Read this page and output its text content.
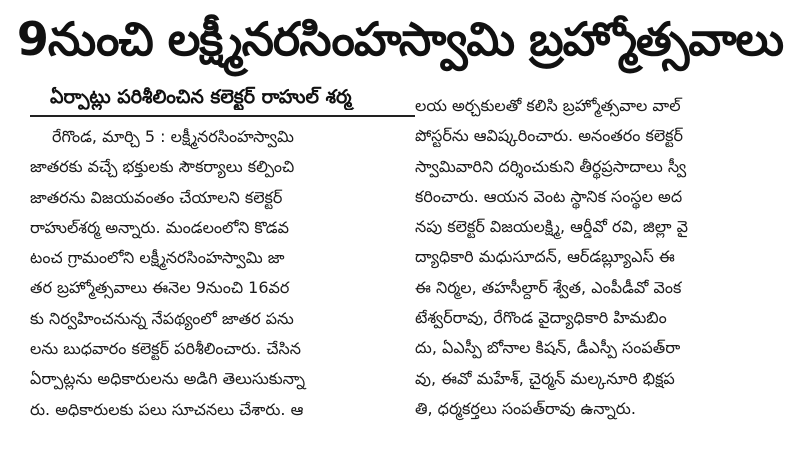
9నుంచి లక్ష్మీనరసింహస్వామి బ్రహ్మోత్సవాలు
ఏర్పాట్లు పరిశీలించిన కలెక్టర్ రాహుల్ శర్మ
రేగొండ, మార్చి 5 : లక్ష్మీనరసింహస్వామి
జాతరకు వచ్చే భక్తులకు సౌకర్యాలు కల్పించి
జాతరను విజయవంతం చేయాలని కలెక్టర్
రాహుల్‌శర్మ అన్నారు. మండలంలోని కొడవ
టంచ గ్రామంలోని లక్ష్మీనరసింహస్వామి జా
తర బ్రహ్మోత్సవాలు ఈనెల 9నుంచి 16వర
కు నిర్వహించనున్న నేపథ్యంలో జాతర పను
లను బుధవారం కలెక్టర్ పరిశీలించారు. చేసిన
ఏర్పాట్లను అధికారులను అడిగి తెలుసుకున్నా
రు. అధికారులకు పలు సూచనలు చేశారు. ఆ
లయ అర్చకులతో కలిసి బ్రహ్మోత్సవాల వాల్
పోస్టర్‌ను ఆవిష్కరించారు. అనంతరం కలెక్టర్
స్వామివారిని దర్శించుకుని తీర్థప్రసాదాలు స్వీ
కరించారు. ఆయన వెంట స్థానిక సంస్థల అద
నపు కలెక్టర్ విజయలక్ష్మి, ఆర్డీవో రవి, జిల్లా వై
ద్యాధికారి మధుసూదన్, ఆర్‌డబ్ల్యూఎస్ ఈ
ఈ నిర్మల, తహసీల్దార్ శ్వేత, ఎంపీడీవో వెంక
టేశ్వర్‌రావు, రేగొండ వైద్యాధికారి హిమబిం
దు, ఏఎస్పీ బోనాల కిషన్, డీఎస్పీ సంపత్‌రా
వు, ఈవో మహేశ్, చైర్మన్ మల్కనూరి భిక్షప
తి, ధర్మకర్తలు సంపత్‌రావు ఉన్నారు.
